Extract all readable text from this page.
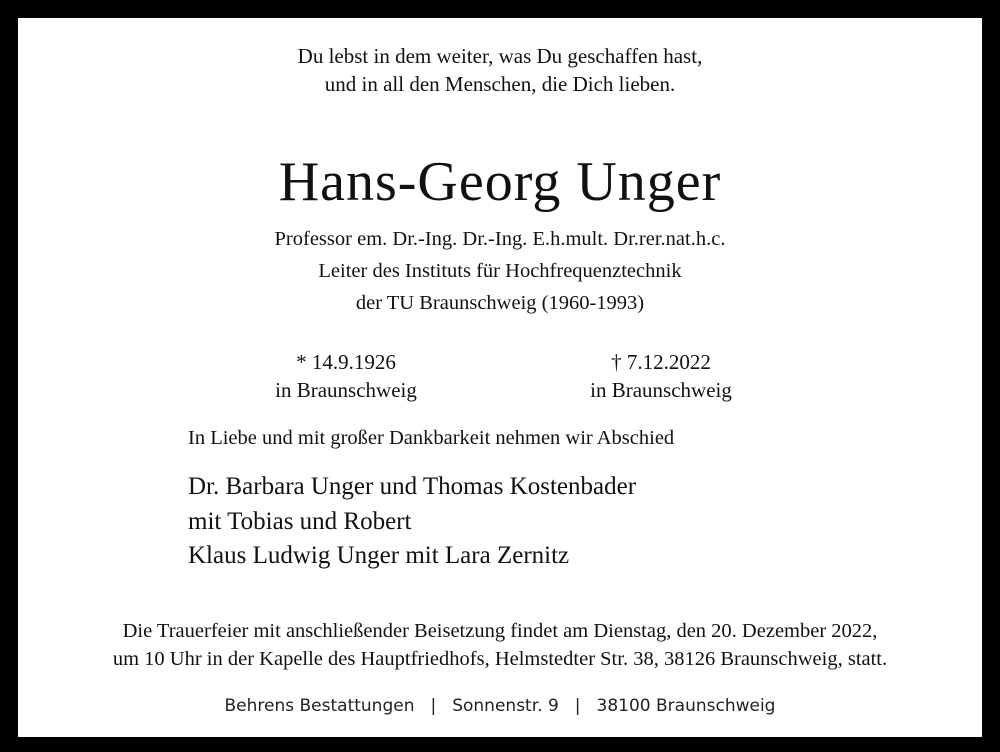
Du lebst in dem weiter, was Du geschaffen hast,
und in all den Menschen, die Dich lieben.
Hans-Georg Unger
Professor em. Dr.-Ing. Dr.-Ing. E.h.mult. Dr.rer.nat.h.c.
Leiter des Instituts für Hochfrequenztechnik
der TU Braunschweig (1960-1993)
* 14.9.1926
in Braunschweig
† 7.12.2022
in Braunschweig
In Liebe und mit großer Dankbarkeit nehmen wir Abschied
Dr. Barbara Unger und Thomas Kostenbader
mit Tobias und Robert
Klaus Ludwig Unger mit Lara Zernitz
Die Trauerfeier mit anschließender Beisetzung findet am Dienstag, den 20. Dezember 2022,
um 10 Uhr in der Kapelle des Hauptfriedhofs, Helmstedter Str. 38, 38126 Braunschweig, statt.
Behrens Bestattungen | Sonnenstr. 9 | 38100 Braunschweig
